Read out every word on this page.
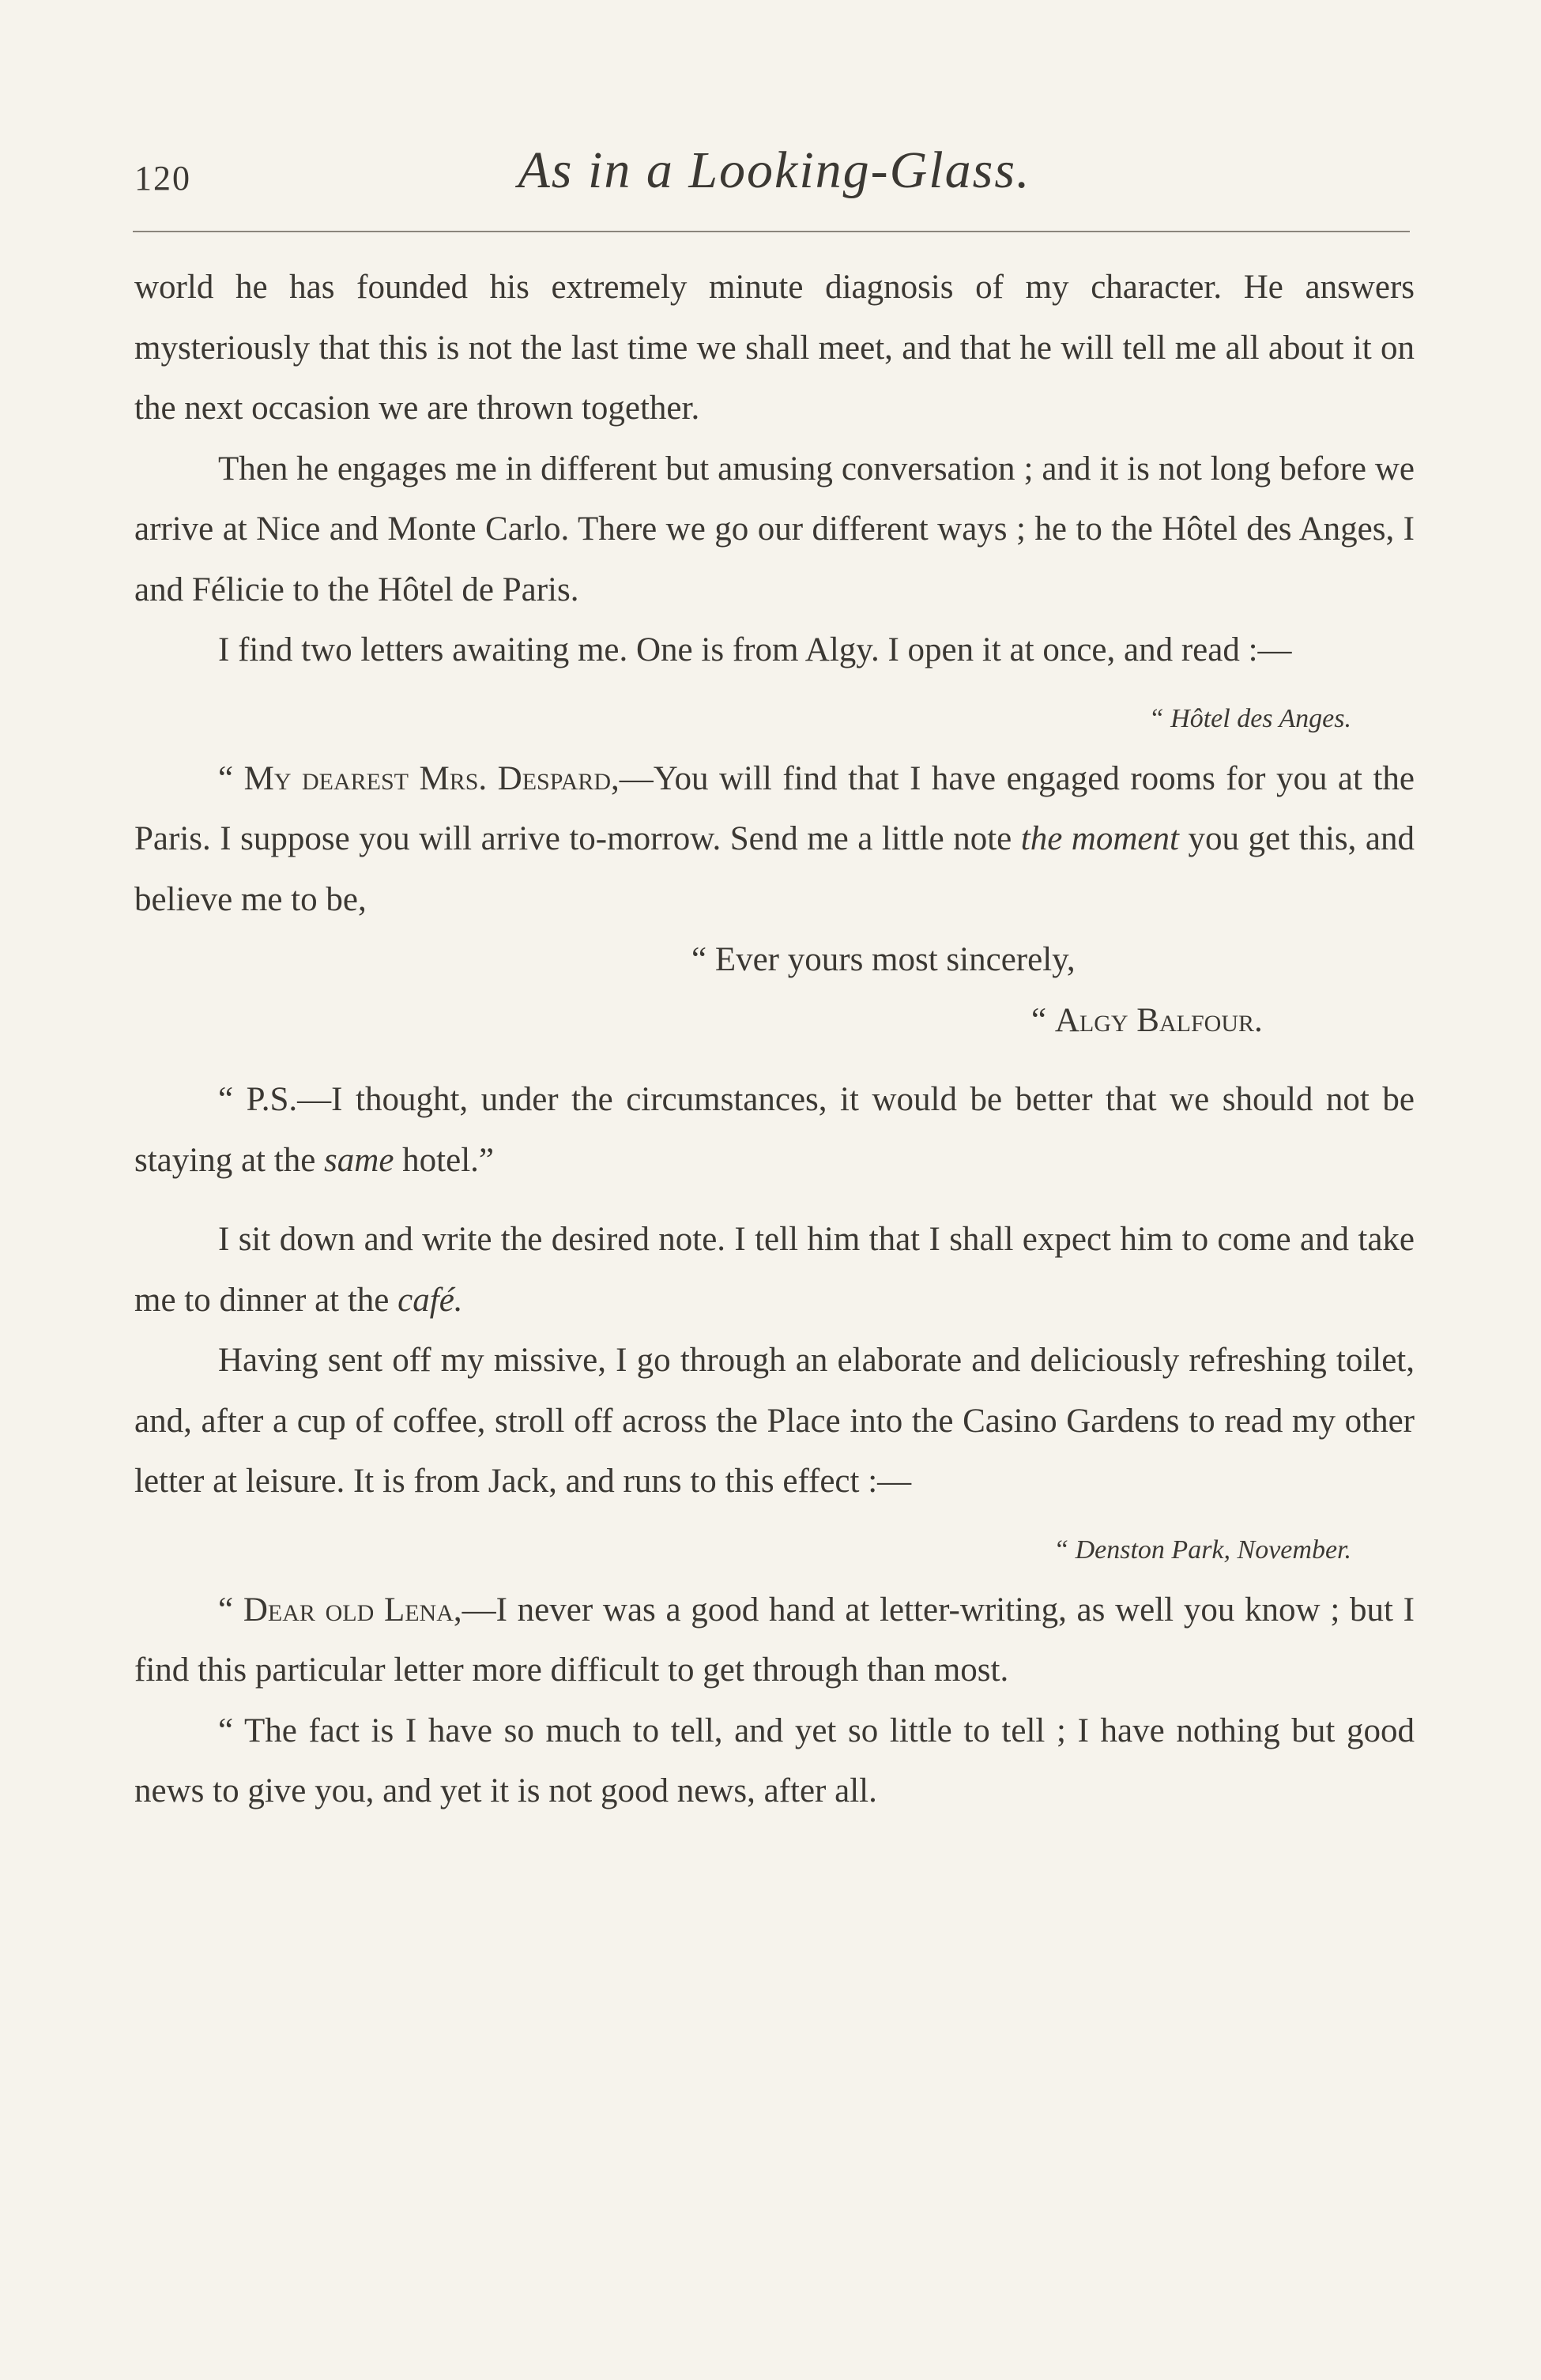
120	As in a Looking-Glass.

world he has founded his extremely minute diagnosis of my character. He answers mysteriously that this is not the last time we shall meet, and that he will tell me all about it on the next occasion we are thrown together.

Then he engages me in different but amusing conversation ; and it is not long before we arrive at Nice and Monte Carlo. There we go our different ways ; he to the Hôtel des Anges, I and Félicie to the Hôtel de Paris.

I find two letters awaiting me. One is from Algy. I open it at once, and read :—

“ Hôtel des Anges.

“ My dearest Mrs. Despard,—You will find that I have engaged rooms for you at the Paris. I suppose you will arrive to-morrow. Send me a little note the moment you get this, and believe me to be,

“ Ever yours most sincerely,
“ Algy Balfour.

“ P.S.—I thought, under the circumstances, it would be better that we should not be staying at the same hotel.”

I sit down and write the desired note. I tell him that I shall expect him to come and take me to dinner at the café.

Having sent off my missive, I go through an elaborate and deliciously refreshing toilet, and, after a cup of coffee, stroll off across the Place into the Casino Gardens to read my other letter at leisure. It is from Jack, and runs to this effect :—

“ Denston Park, November.

“ Dear old Lena,—I never was a good hand at letter-writing, as well you know ; but I find this particular letter more difficult to get through than most.

“ The fact is I have so much to tell, and yet so little to tell ; I have nothing but good news to give you, and yet it is not good news, after all.
